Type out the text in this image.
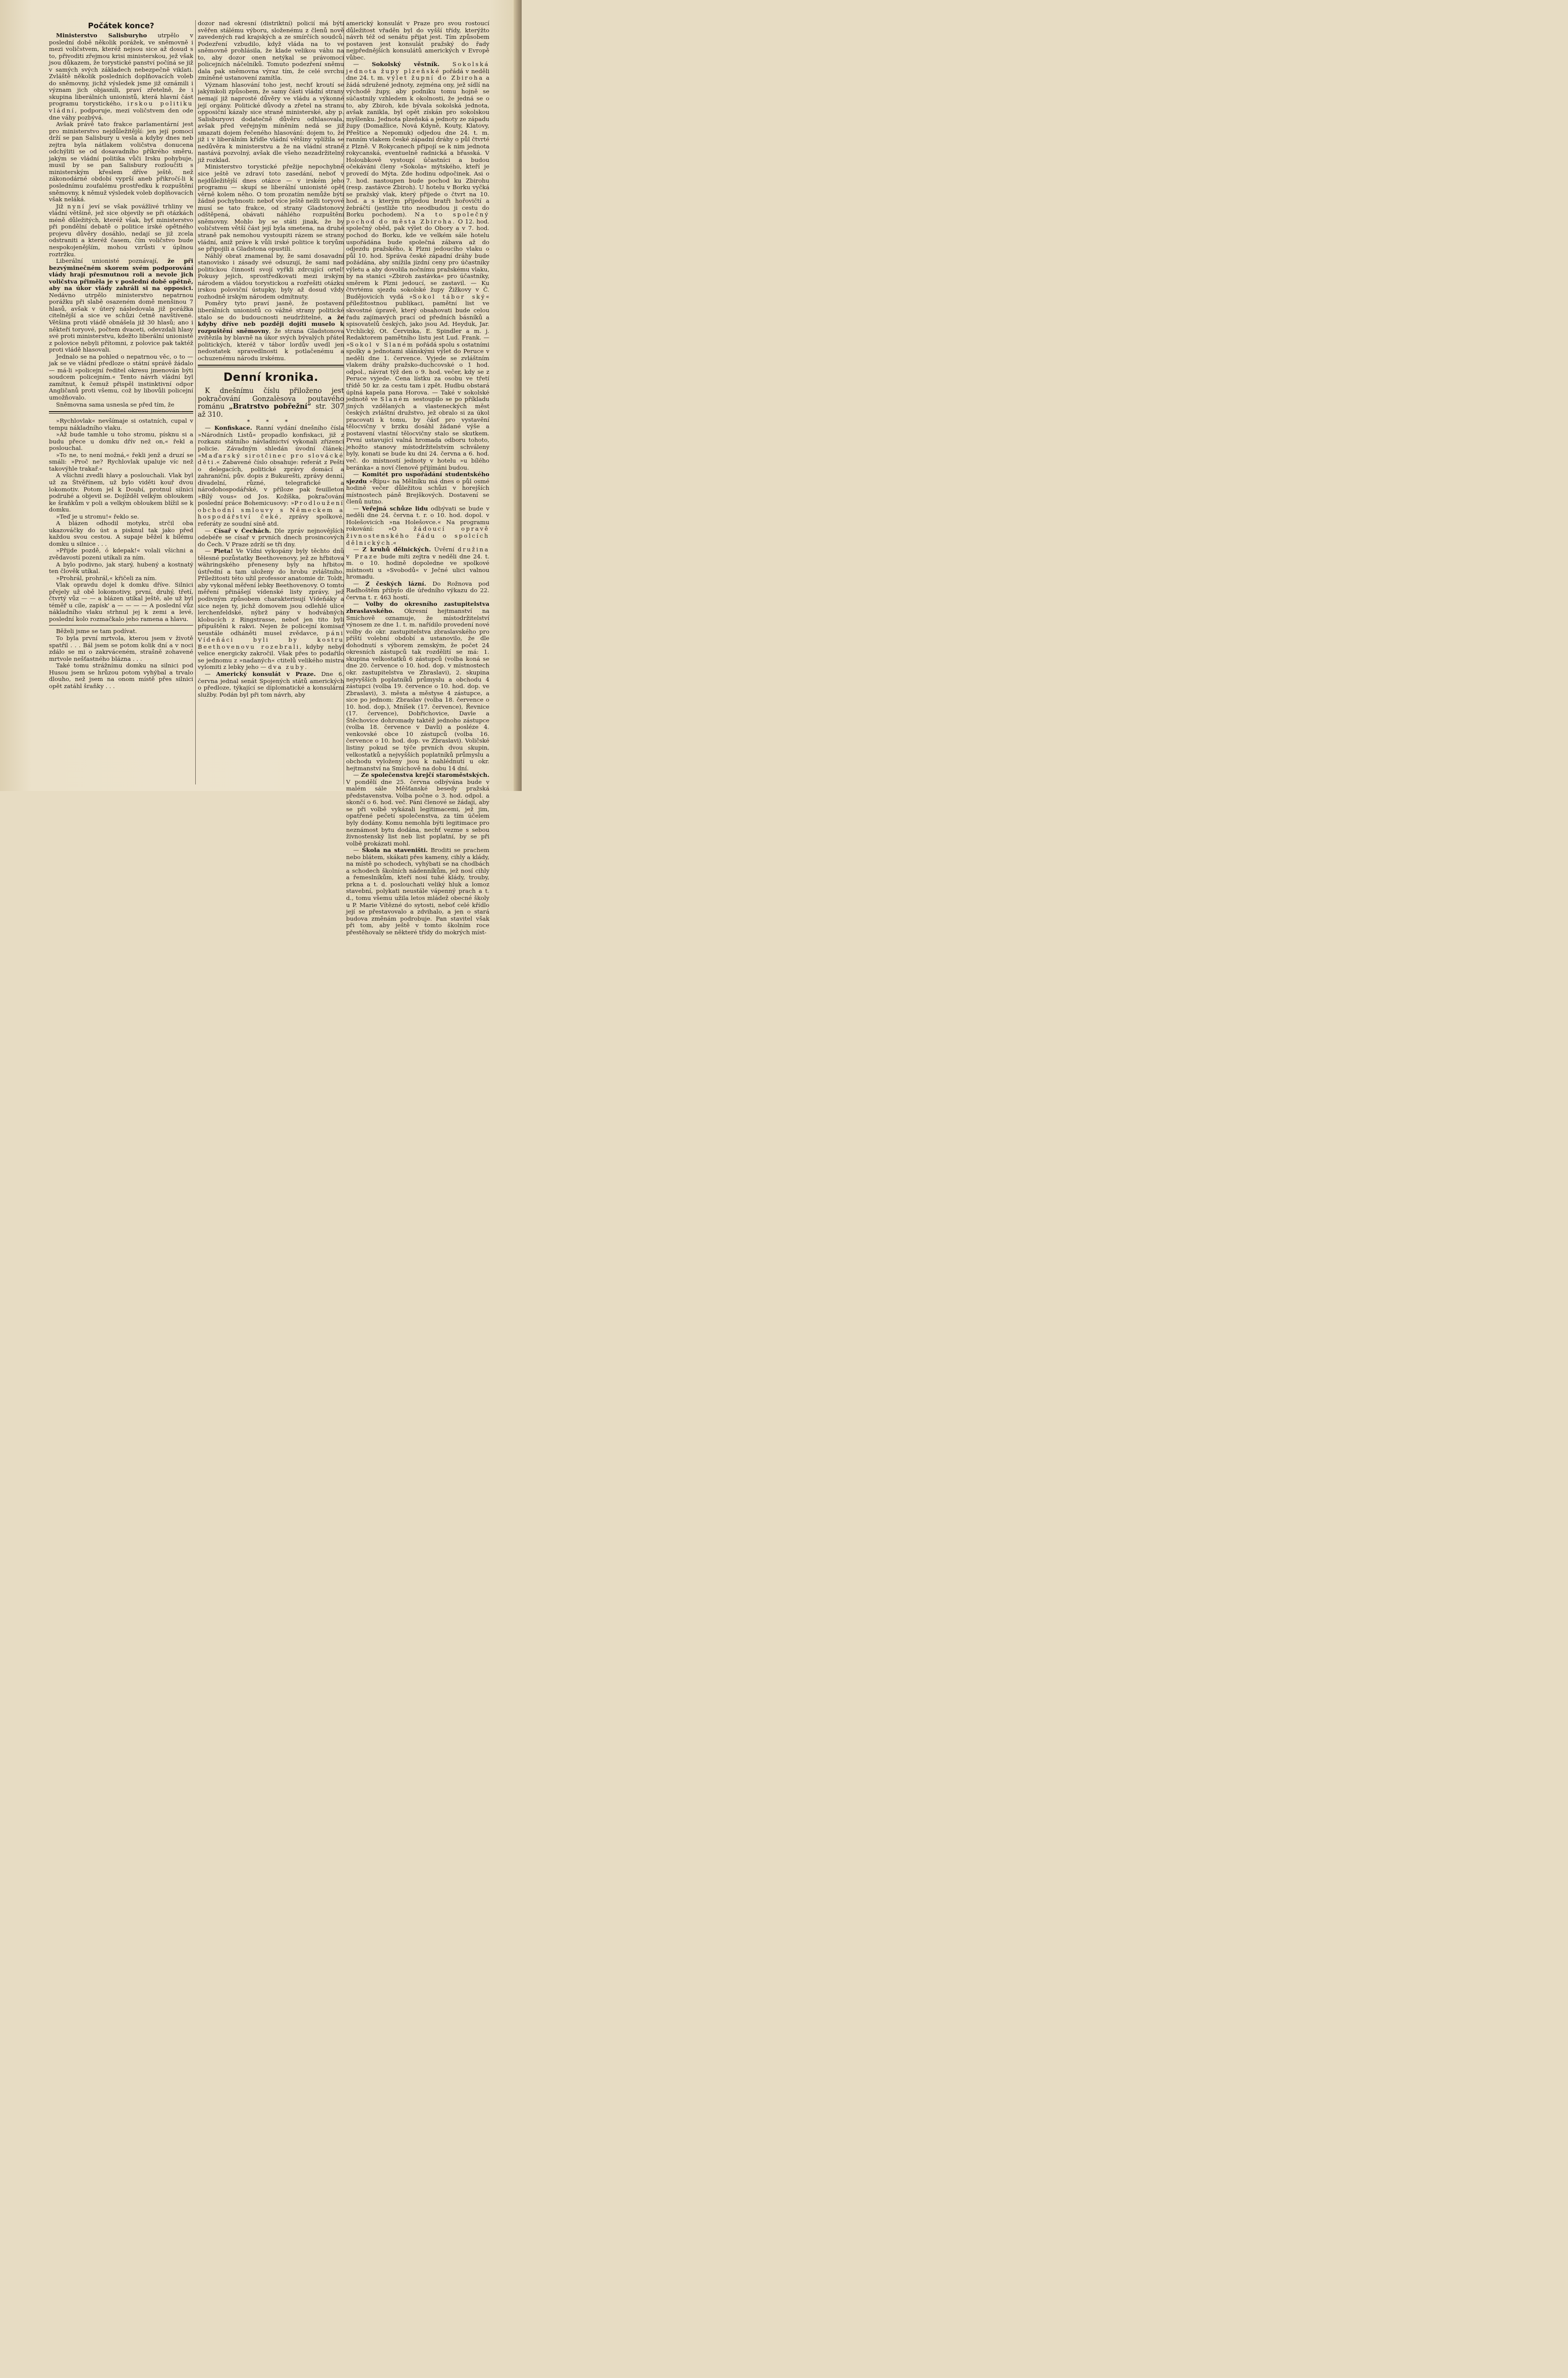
Počátek konce?

Ministerstvo Salisburyho utrpělo v poslední době několik porážek, ve sněmovně i mezi voličstvem, kteréž nejsou sice až dosud s to, přivoditi zřejmou krisi ministerskou, jež však jsou důkazem, že torystické panství počíná se již v samých svých základech nebezpečně viklati. Zvláště několik posledních doplňovacích voleb do sněmovny, jichž výsledek jsme již oznámili i význam jich objasnili, praví zřetelně, že i skupina liberálních unionistů, která hlavní část programu torystického, irskou politiku vládní, podporuje, mezi voličstvem den ode dne váhy pozbývá.

Avšak právě tato frakce parlamentární jest pro ministerstvo nejdůležitější: jen její pomocí drží se pan Salisbury u vesla a kdyby dnes neb zejtra byla nátlakem voličstva donucena odchýliti se od dosavadního příkrého směru, jakým se vládní politika vůči Irsku pohybuje, musil by se pan Salisbury rozloučiti s ministerským křeslem dříve ještě, než zákonodárné období vyprší aneb přikročí-li k poslednímu zoufalému prostředku k rozpuštění sněmovny, k němuž výsledek voleb doplňovacích však neláká.

Již nyní jeví se však povážlivé trhliny ve vládní většině, jež sice objevily se při otázkách méně důležitých, kteréž však, byť ministerstvo při pondělní debatě o politice irské opětného projevu důvěry dosáhlo, nedají se již zcela odstraniti a kteréž časem, čím voličstvo bude nespokojenějším, mohou vzrůsti v úplnou roztržku.

Liberální unionisté poznávají, že při bezvýminečném skorem svém podporování vlády hrají přesmutnou roli a nevole jich voličstva přiměla je v poslední době opětně, aby na úkor vlády zahráli si na opposici. Nedávno utrpělo ministerstvo nepatrnou porážku při slabě osazeném domě menšinou 7 hlasů, avšak v úterý následovala již porážka citelnější a sice ve schůzi četně navštívené. Většina proti vládě obnášela již 30 hlasů; ano i někteří toryové, počtem dvaceti, odevzdali hlasy své proti ministerstvu, kdežto liberální unionisté z polovice nebyli přítomni, z polovice pak taktéž proti vládě hlasovali.

Jednalo se na pohled o nepatrnou věc, o to — jak se ve vládní předloze o státní správě žádalo — má-li »policejní ředitel okresu jmenován býti soudcem policejním.« Tento návrh vládní byl zamítnut, k čemuž přispěl instinktivní odpor Angličanů proti všemu, což by libovůli policejní umožňovalo.

Sněmovna sama usnesla se před tím, že

»Rychlovlak« nevšímaje si ostatních, cupal v tempu nákladního vlaku.

»Až bude tamhle u toho stromu, písknu si a budu přece u domku dřív než on,« řekl a poslouchal.

»To ne, to není možná,« řekli jenž a druzí se smáli: »Proč ne? Rychlovlak upaluje víc než takovýhle trakař.«

A všichni zvedli hlavy a poslouchali. Vlak byl už za Štvěřínem, už bylo viděti kouř dvou lokomotiv. Potom jel k Doubí, protnul silnici podruhé a objevil se. Dojížděl velkým obloukem ke šraňkům v poli a velkým obloukem blížil se k domku.

»Teď je u stromu!« řeklo se.

A blázen odhodil motyku, strčil oba ukazováčky do úst a pisknul tak jako před každou svou cestou. A supaje běžel k bílému domku u silnice . . .

»Přijde pozdě, ó kdepak!« volali všichni a zvědavostí pozeni utíkali za ním.

A bylo podivno, jak starý, hubený a kostnatý ten člověk utíkal.

»Prohrál, prohrál,« křičeli za ním.

Vlak opravdu dojel k domku dříve. Silnici přejely už obě lokomotivy, první, druhý, třetí, čtvrtý vůz — — a blázen utíkal ještě, ale už byl téměř u cíle, zapísk' a — — — — A poslední vůz nákladního vlaku strhnul jej k zemi a levé, poslední kolo rozmačkalo jeho ramena a hlavu.

Běželi jsme se tam podívat.

To byla první mrtvola, kterou jsem v životě spatřil . . . Bál jsem se potom kolik dní a v noci zdálo se mi o zakrváceném, strašně zohavené mrtvole nešťastného blázna . . .

Také tomu strážnímu domku na silnici pod Husou jsem se hrůzou potom vyhýbal a trvalo dlouho, než jsem na onom místě přes silnici opět zatáhl šraňky . . .

dozor nad okresní (distriktní) policií má býti svěřen stálému výboru, složenému z členů nově zavedených rad krajských a ze smírčích soudců. Podezření vzbudilo, když vláda na to ve sněmovně prohlásila, že klade velikou váhu na to, aby dozor onen netýkal se právomoci policejních náčelníků. Tomuto podezření sněmu dala pak sněmovna výraz tím, že celé svrchu zmíněné ustanovení zamítla.

Význam hlasování toho jest, nechť kroutí se jakýmkoli způsobem, že samy části vládní strany nemají již naprosté důvěry ve vládu a výkonné její orgány. Politické důvody a zřetel na stranu opposiční kázaly sice straně ministerské, aby p. Salisburyovi dodatečně důvěru odhlasovala, avšak před veřejným míněním nedá se již smazati dojem řečeného hlasování: dojem to, že již i v liberálním křídle vládní většiny vplížila se nedůvěra k ministerstvu a že na vládní straně nastává pozvolný, avšak dle všeho nezadržitelný již rozklad.

Ministerstvo torystické přežije nepochybně sice ještě ve zdraví toto zasedání, neboť v nejdůležitější dnes otázce — v irském jeho programu — skupí se liberální unionisté opět věrně kolem něho. O tom prozatím nemůže býti žádné pochybnosti: neboť více ještě nežli toryové musí se tato frakce, od strany Gladstonovy odštěpená, obávati náhlého rozpuštění sněmovny. Mohlo by se státi jinak, že by voličstvem větší část její byla smetena, na druhé straně pak nemohou vystoupiti rázem se strany vládní, aniž práve k vůli irské politice k toryům se připojili a Gladstona opustili.

Náhlý obrat znamenal by, že sami dosavadní stanovisko i zásady své odsuzují, že sami nad politickou činností svojí vyřkli zdrcující ortel! Pokusy jejich, sprostředkovati mezi irským národem a vládou torystickou a rozřešiti otázku irskou poloviční ústupky, byly až dosud vždy rozhodně irským národem odmítnuty.

Poměry tyto praví jasně, že postavení liberálních unionistů co vážné strany politické stalo se do budoucnosti neudržitelné, a že kdyby dříve neb později dojíti muselo k rozpuštění sněmovny, že strana Gladstonova zvítězila by blavně na úkor svých bývalých přátel politických, kteréž v tábor lordův uvedl jen nedostatek spravedlnosti k potlačenému a ochuzenému národu irskému.

Denní kronika.

K dnešnímu číslu přiloženo jest pokračování Gonzalèsova poutavého románu „Bratrstvo pobřežní“ str. 307 až 310.

* * *

— Konfiskace. Ranní vydání dnešního čísla »Národních Listů« propadlo konfiskaci, již z rozkazu státního návladnictví vykonali zřízenci policie. Závadným shledán úvodní článek: »Maďarský sirotčinec pro slovácké děti.« Zabavené číslo obsahuje: referát z Pešti o delegacích, politické zprávy domácí a zahraniční, pův. dopis z Bukurešti, zprávy denní, divadelní, různé, telegrafické a národohospodářské, v příloze pak feuilleton »Bílý vous« od Jos. Kožíška, pokračování poslední práce Bohemicusovy: »Prodloužení obchodní smlouvy s Německem a hospodářství čeké, zprávy spolkové, referáty ze soudní síně atd.

— Císař v Čechách. Dle zpráv nejnovějších odebéře se císař v prvních dnech prosincových do Čech. V Praze zdrží se tři dny.

— Pieta! Ve Vídni vykopány byly těchto dnů tělesné pozůstatky Beethovenovy, jež ze hřbitova währingského přeneseny byly na hřbitov ústřední a tam uloženy do hrobu zvláštního. Příležitosti této užil professor anatomie dr. Toldt, aby vykonal měření lebky Beethovenovy. O tomto měření přinášejí vídenské listy zprávy, jež podivným způsobem charakterisují Vídeňáky a sice nejen ty, jichž domovem jsou odlehlé ulice lerchenfeldské, nýbrž pány v hodvábných klobucích z Ringstrasse, neboť jen tito byli připuštěni k rakvi. Nejen že policejní komisař neustále odháněti musel zvědavce, páni Vídeňáci byli by kostru Beethovenovu rozebrali, kdyby nebyl velice energicky zakročil. Však přes to podařilo se jednomu z »nadaných« ctitelů velikého mistra vylomiti z lebky jeho — dva zuby.

— Americký konsulát v Praze. Dne 6. června jednal senát Spojených států amerických o předloze, týkající se diplomatické a konsulární služby. Podán byl při tom návrh, aby

americký konsulát v Praze pro svou rostoucí důležitost vřaděn byl do vyšší třídy, kterýžto návrh též od senátu přijat jest. Tím způsobem postaven jest konsulát pražský do řady nejpřednějších konsulátů amerických v Evropě vůbec.

— Sokolský věstník. Sokolská jednota župy plzeňské pořádá v neděli dne 24. t. m. výlet župní do Zbiroha a žádá sdružené jednoty, zejména ony, jež sídlí na východě župy, aby podniku tomu hojně se súčastnily vzhledem k okolnosti, že jedná se o to, aby Zbiroh, kde bývala sokolská jednota, avšak zanikla, byl opět získán pro sokolskou myšlenku. Jednota plzeňská a jednoty ze západu župy (Domažlice, Nová Kdyně, Kouty, Klatovy, Přeštice a Nepomuk) odjedou dne 24. t. m. ranním vlakem české západní dráhy o půl čtvrté z Plzně. V Rokycanech připojí se k nim jednota rokycanská, eventuelně radnická a břasská. V Holoubkově vystoupí účastníci a budou očekáváni členy »Sokola« mýtského, kteří je provedí do Mýta. Zde hodinu odpočinek. Asi o 7. hod. nastoupen bude pochod ku Zbirohu (resp. zastávce Zbiroh). U hotelu v Borku vyčká se pražský vlak, který přijede o čtvrt na 10. hod. a s kterým přijedou bratři hořovičtí a žebráčtí (jestliže tito neodbudou ji cestu do Borku pochodem). Na to společný pochod do města Zbiroha. O 12. hod. společný oběd, pak výlet do Obory a v 7. hod. pochod do Borku, kde ve velkém sále hotelu uspořádána bude společná zábava až do odjezdu pražského, k Plzni jedoucího vlaku o půl 10. hod. Správa české západní dráhy bude požádána, aby snížila jízdní ceny pro účastníky výletu a aby dovolila nočnímu pražskému vlaku, by na stanici »Zbiroh zastávka« pro účastníky, směrem k Plzni jedoucí, se zastavil. — Ku čtvrtému sjezdu sokolské župy Žižkovy v Č. Budějovicích vydá »Sokol tábor ský« příležitostnou publikaci, pamětní list ve skvostné úpravě, který obsahovati bude celou řadu zajímavých prací od předních básníků a spisovatelů českých, jako jsou Ad. Heyduk, Jar. Vrchlický, Ot. Červinka, E. Spindler a m. j. Redaktorem pamětního listu jest Lud. Frank. — »Sokol v Slaném pořádá spolu s ostatními spolky a jednotami slánskými výlet do Peruce v neděli dne 1. července. Vyjede se zvláštním vlakem dráhy pražsko-duchcovské o 1 hod. odpol., návrat týž den o 9. hod. večer, kdy se z Peruce vyjede. Cena lístku za osobu ve třetí třídě 50 kr. za cestu tam i zpět. Hudbu obstará úplná kapela pana Horova. — Také v sokolské jednotě ve Slaném sestoupilo se po příkladu jiných vzdělaných a vlasteneckých měst českých zvláštní družstvo, jež obralo si za úkol pracovati k tomu, by čásť pro vystavění tělocvičny v brzku dosáhl žádané výše a postavení vlastní tělocvičny stalo se skutkem. První ustavující valná hromada odboru tohoto, jehožto stanovy místodržitelstvím schváleny byly, konati se bude ku dni 24. června a 6. hod. več. do místností jednoty v hotelu »u bílého beránka« a noví členové přijímáni budou.

— Komitét pro uspořádání studentského sjezdu »Řípu« na Mělníku má dnes o půl osmé hodině večer důležitou schůzi v horejších místnostech páně Brejškových. Dostavení se členů nutno.

— Veřejná schůze lidu odbývati se bude v neděli dne 24. června t. r. o 10. hod. dopol. v Holešovicích »na Holešovce.« Na programu rokování: »O žádoucí opravě živnostenského řádu o spolcích dělnických.«

— Z kruhů dělnických. Úvěrní družina v Praze bude míti zejtra v neděli dne 24. t. m. o 10. hodině dopoledne ve spolkové místnosti u »Svobodů« v Ječné ulici valnou hromadu.

— Z českých lázní. Do Rožnova pod Radhoštěm přibylo dle úředního výkazu do 22. června t. r. 463 hostí.

— Volby do okresního zastupitelstva zbraslavského. Okresní hejtmanství na Smíchově oznamuje, že místodržitelství výnosem ze dne 1. t. m. nařídilo provedení nové volby do okr. zastupitelstva zbraslavského pro příští volební období a ustanovilo, že dle dohodnutí s výborem zemským, že počet 24 okresních zástupců tak rozdělití se má: 1. skupina velkostatků 6 zástupců (volba koná se dne 20. července o 10. hod. dop. v místnostech okr. zastupitelstva ve Zbraslavi), 2. skupina nejvyšších poplatníků průmyslu a obchodu 4 zástupci (volba 19. července o 10. hod. dop. ve Zbraslavi), 3. města a městyse 4 zástupce, a sice po jednom: Zbraslav (volba 18. července o 10. hod. dop.), Mníšek (17. července), Řevnice (17. července), Dobřichovice, Davle a Štěchovice dohromady taktéž jednoho zástupce (volba 18. července v Davli) a posléze 4. venkovské obce 10 zástupců (volba 16. července o 10. hod. dop. ve Zbraslavi). Voličské listiny pokud se týče prvních dvou skupin, velkostatků a nejvyšších poplatníků průmyslu a obchodu vyloženy jsou k nahlédnutí u okr. hejtmanství na Smíchově na dobu 14 dní.

— Ze společenstva krejčí staroměstských. V pondělí dne 25. června odbývána bude v malém sále Měšťanské besedy pražská představenstva. Volba počne o 3. hod. odpol. a skončí o 6. hod. več. Páni členové se žádají, aby se při volbě vykázali legitimacemi, jež jim, opatřené pečetí společenstva, za tím účelem byly dodány. Komu nemohla býti legitimace pro neznámost bytu dodána, nechť vezme s sebou živnostenský list neb list poplatní, by se při volbě prokázati mohl.

— Škola na staveništi. Broditi se prachem nebo blátem, skákati přes kameny, cihly a klády, na místě po schodech, vyhýbati se na chodbách a schodech školních nádenníkům, jež nosí cihly a řemeslníkům, kteří nosí tuhé klády, trouby, prkna a t. d. poslouchati veliký hluk a lomoz stavební, polykati neustále vápenný prach a t. d., tomu všemu užila letos mládež obecné školy u P. Marie Vítězné do sytosti, neboť celé křídlo její se přestavovalo a zdvihalo, a jen o stará budova změnám podrobuje. Pan stavitel však při tom, aby ještě v tomto školním roce přestěhovaly se některé třídy do mokrých míst-
